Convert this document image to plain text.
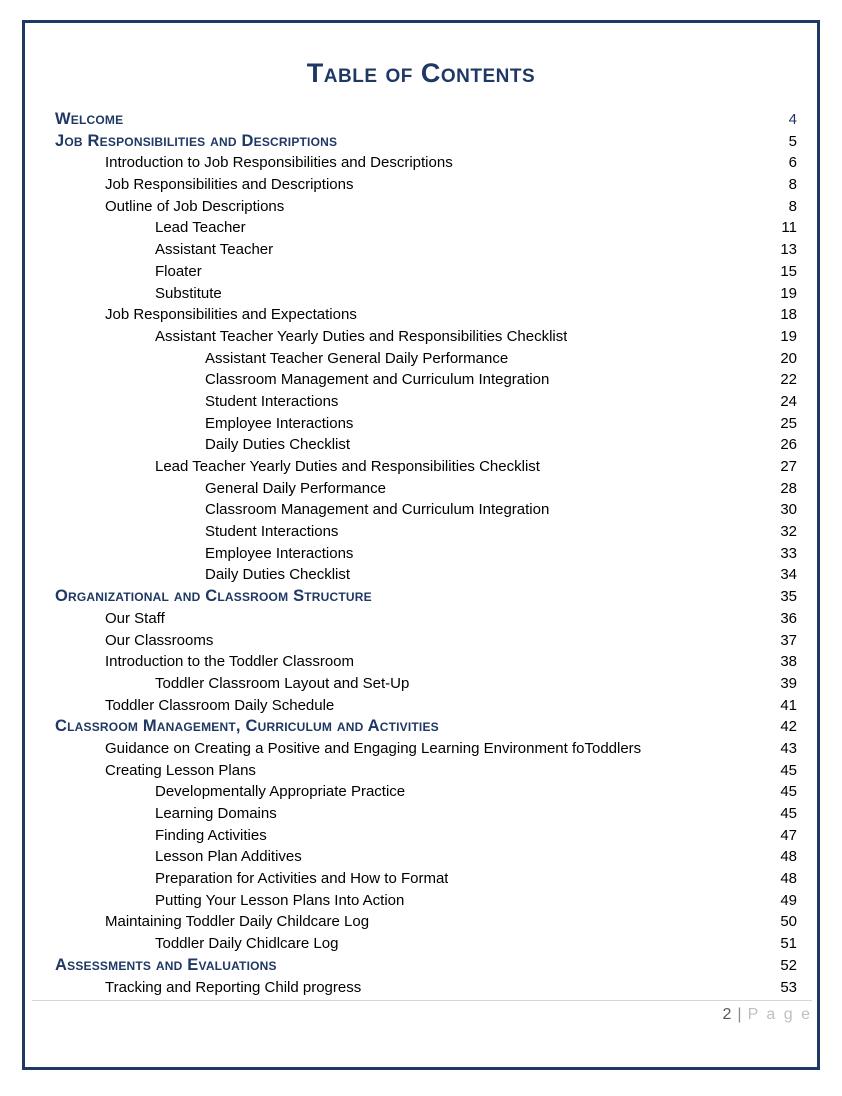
Table of Contents
Welcome	4
Job Responsibilities and Descriptions	5
Introduction to Job Responsibilities and Descriptions	6
Job Responsibilities and Descriptions	8
Outline of Job Descriptions	8
Lead Teacher	11
Assistant Teacher	13
Floater	15
Substitute	19
Job Responsibilities and Expectations	18
Assistant Teacher Yearly Duties and Responsibilities Checklist	19
Assistant Teacher General Daily Performance	20
Classroom Management and Curriculum Integration	22
Student Interactions	24
Employee Interactions	25
Daily Duties Checklist	26
Lead Teacher Yearly Duties and Responsibilities Checklist	27
General Daily Performance	28
Classroom Management and Curriculum Integration	30
Student Interactions	32
Employee Interactions	33
Daily Duties Checklist	34
Organizational and Classroom Structure	35
Our Staff	36
Our Classrooms	37
Introduction to the Toddler Classroom	38
Toddler Classroom Layout and Set-Up	39
Toddler Classroom Daily Schedule	41
Classroom Management, Curriculum and Activities	42
Guidance on Creating a Positive and Engaging Learning Environment foToddlers	43
Creating Lesson Plans	45
Developmentally Appropriate Practice	45
Learning Domains	45
Finding Activities	47
Lesson Plan Additives	48
Preparation for Activities and How to Format	48
Putting Your Lesson Plans Into Action	49
Maintaining Toddler Daily Childcare Log	50
Toddler Daily Chidlcare Log	51
Assessments and Evaluations	52
Tracking and Reporting Child progress	53
2 | P a g e
